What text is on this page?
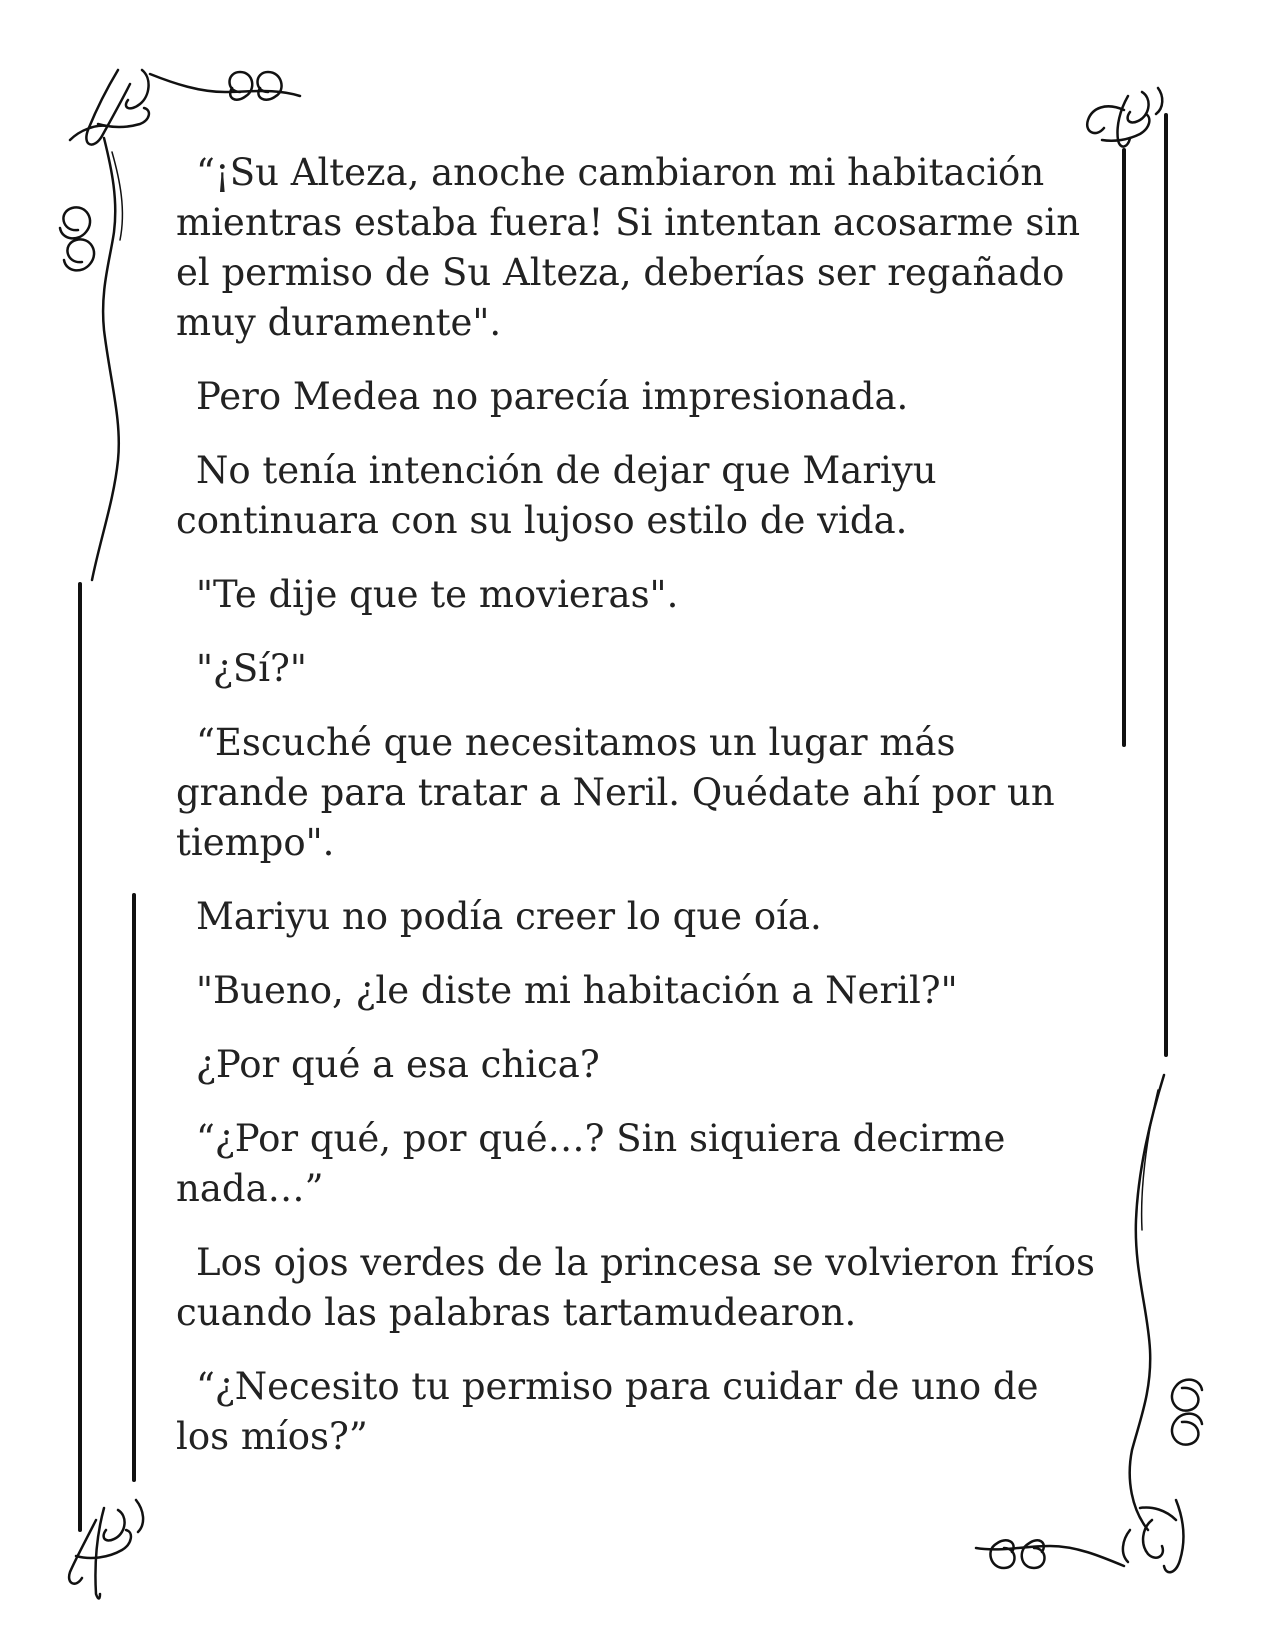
“¡Su Alteza, anoche cambiaron mi habitación mientras estaba fuera! Si intentan acosarme sin el permiso de Su Alteza, deberías ser regañado muy duramente".

Pero Medea no parecía impresionada.

No tenía intención de dejar que Mariyu continuara con su lujoso estilo de vida.

"Te dije que te movieras".

"¿Sí?"

“Escuché que necesitamos un lugar más grande para tratar a Neril. Quédate ahí por un tiempo".

Mariyu no podía creer lo que oía.

"Bueno, ¿le diste mi habitación a Neril?"

¿Por qué a esa chica?

“¿Por qué, por qué…? Sin siquiera decirme nada…”

Los ojos verdes de la princesa se volvieron fríos cuando las palabras tartamudearon.

“¿Necesito tu permiso para cuidar de uno de los míos?”
